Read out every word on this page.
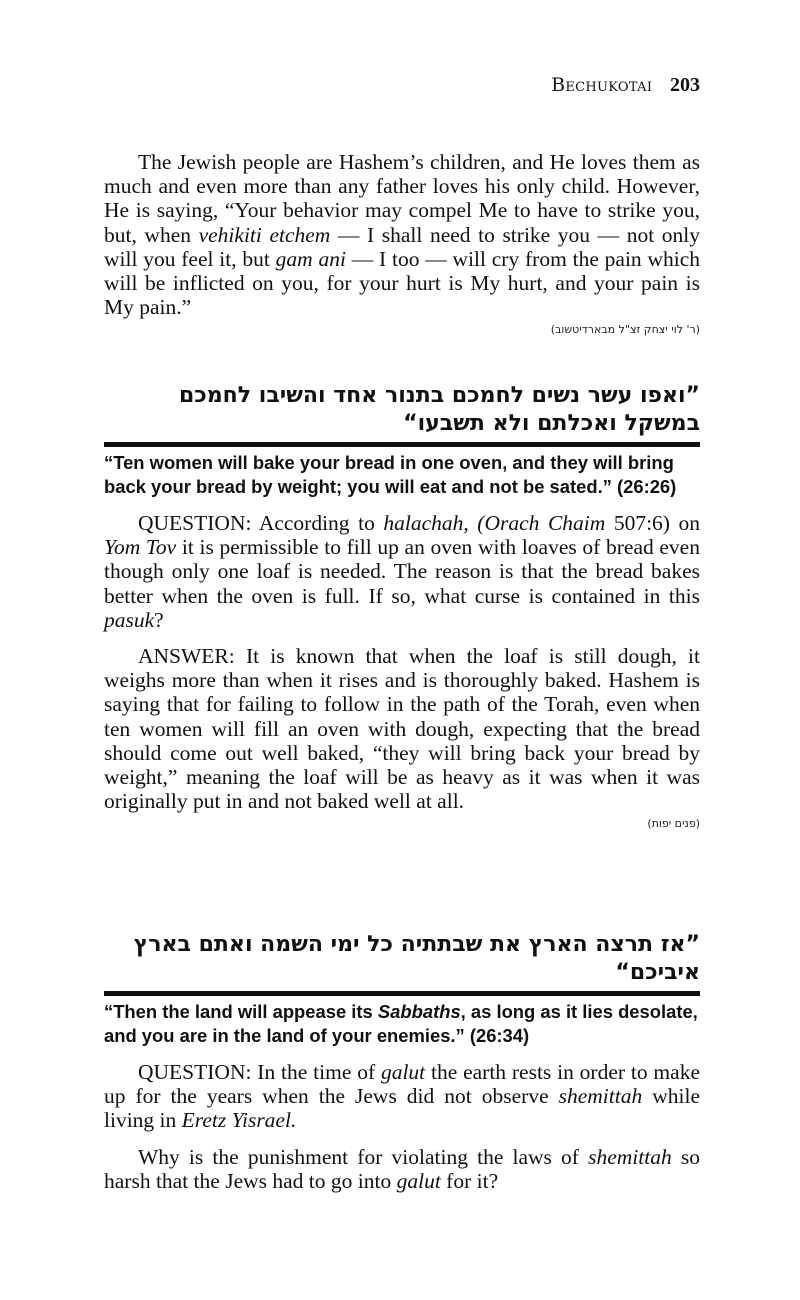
Bechukotai 203

The Jewish people are Hashem’s children, and He loves them as much and even more than any father loves his only child. However, He is saying, “Your behavior may compel Me to have to strike you, but, when vehikiti etchem — I shall need to strike you — not only will you feel it, but gam ani — I too — will cry from the pain which will be inflicted on you, for your hurt is My hurt, and your pain is My pain.”

(ר' לוי יצחק זצ"ל מבארדיטשוב)

”ואפו עשר נשים לחמכם בתנור אחד והשיבו לחמכם במשקל ואכלתם ולא תשבעו“

“Ten women will bake your bread in one oven, and they will bring back your bread by weight; you will eat and not be sated.” (26:26)

QUESTION: According to halachah, (Orach Chaim 507:6) on Yom Tov it is permissible to fill up an oven with loaves of bread even though only one loaf is needed. The reason is that the bread bakes better when the oven is full. If so, what curse is contained in this pasuk?

ANSWER: It is known that when the loaf is still dough, it weighs more than when it rises and is thoroughly baked. Hashem is saying that for failing to follow in the path of the Torah, even when ten women will fill an oven with dough, expecting that the bread should come out well baked, “they will bring back your bread by weight,” meaning the loaf will be as heavy as it was when it was originally put in and not baked well at all.

(פנים יפות)

”אז תרצה הארץ את שבתתיה כל ימי השמה ואתם בארץ איביכם“

“Then the land will appease its Sabbaths, as long as it lies desolate, and you are in the land of your enemies.” (26:34)

QUESTION: In the time of galut the earth rests in order to make up for the years when the Jews did not observe shemittah while living in Eretz Yisrael.

Why is the punishment for violating the laws of shemittah so harsh that the Jews had to go into galut for it?
